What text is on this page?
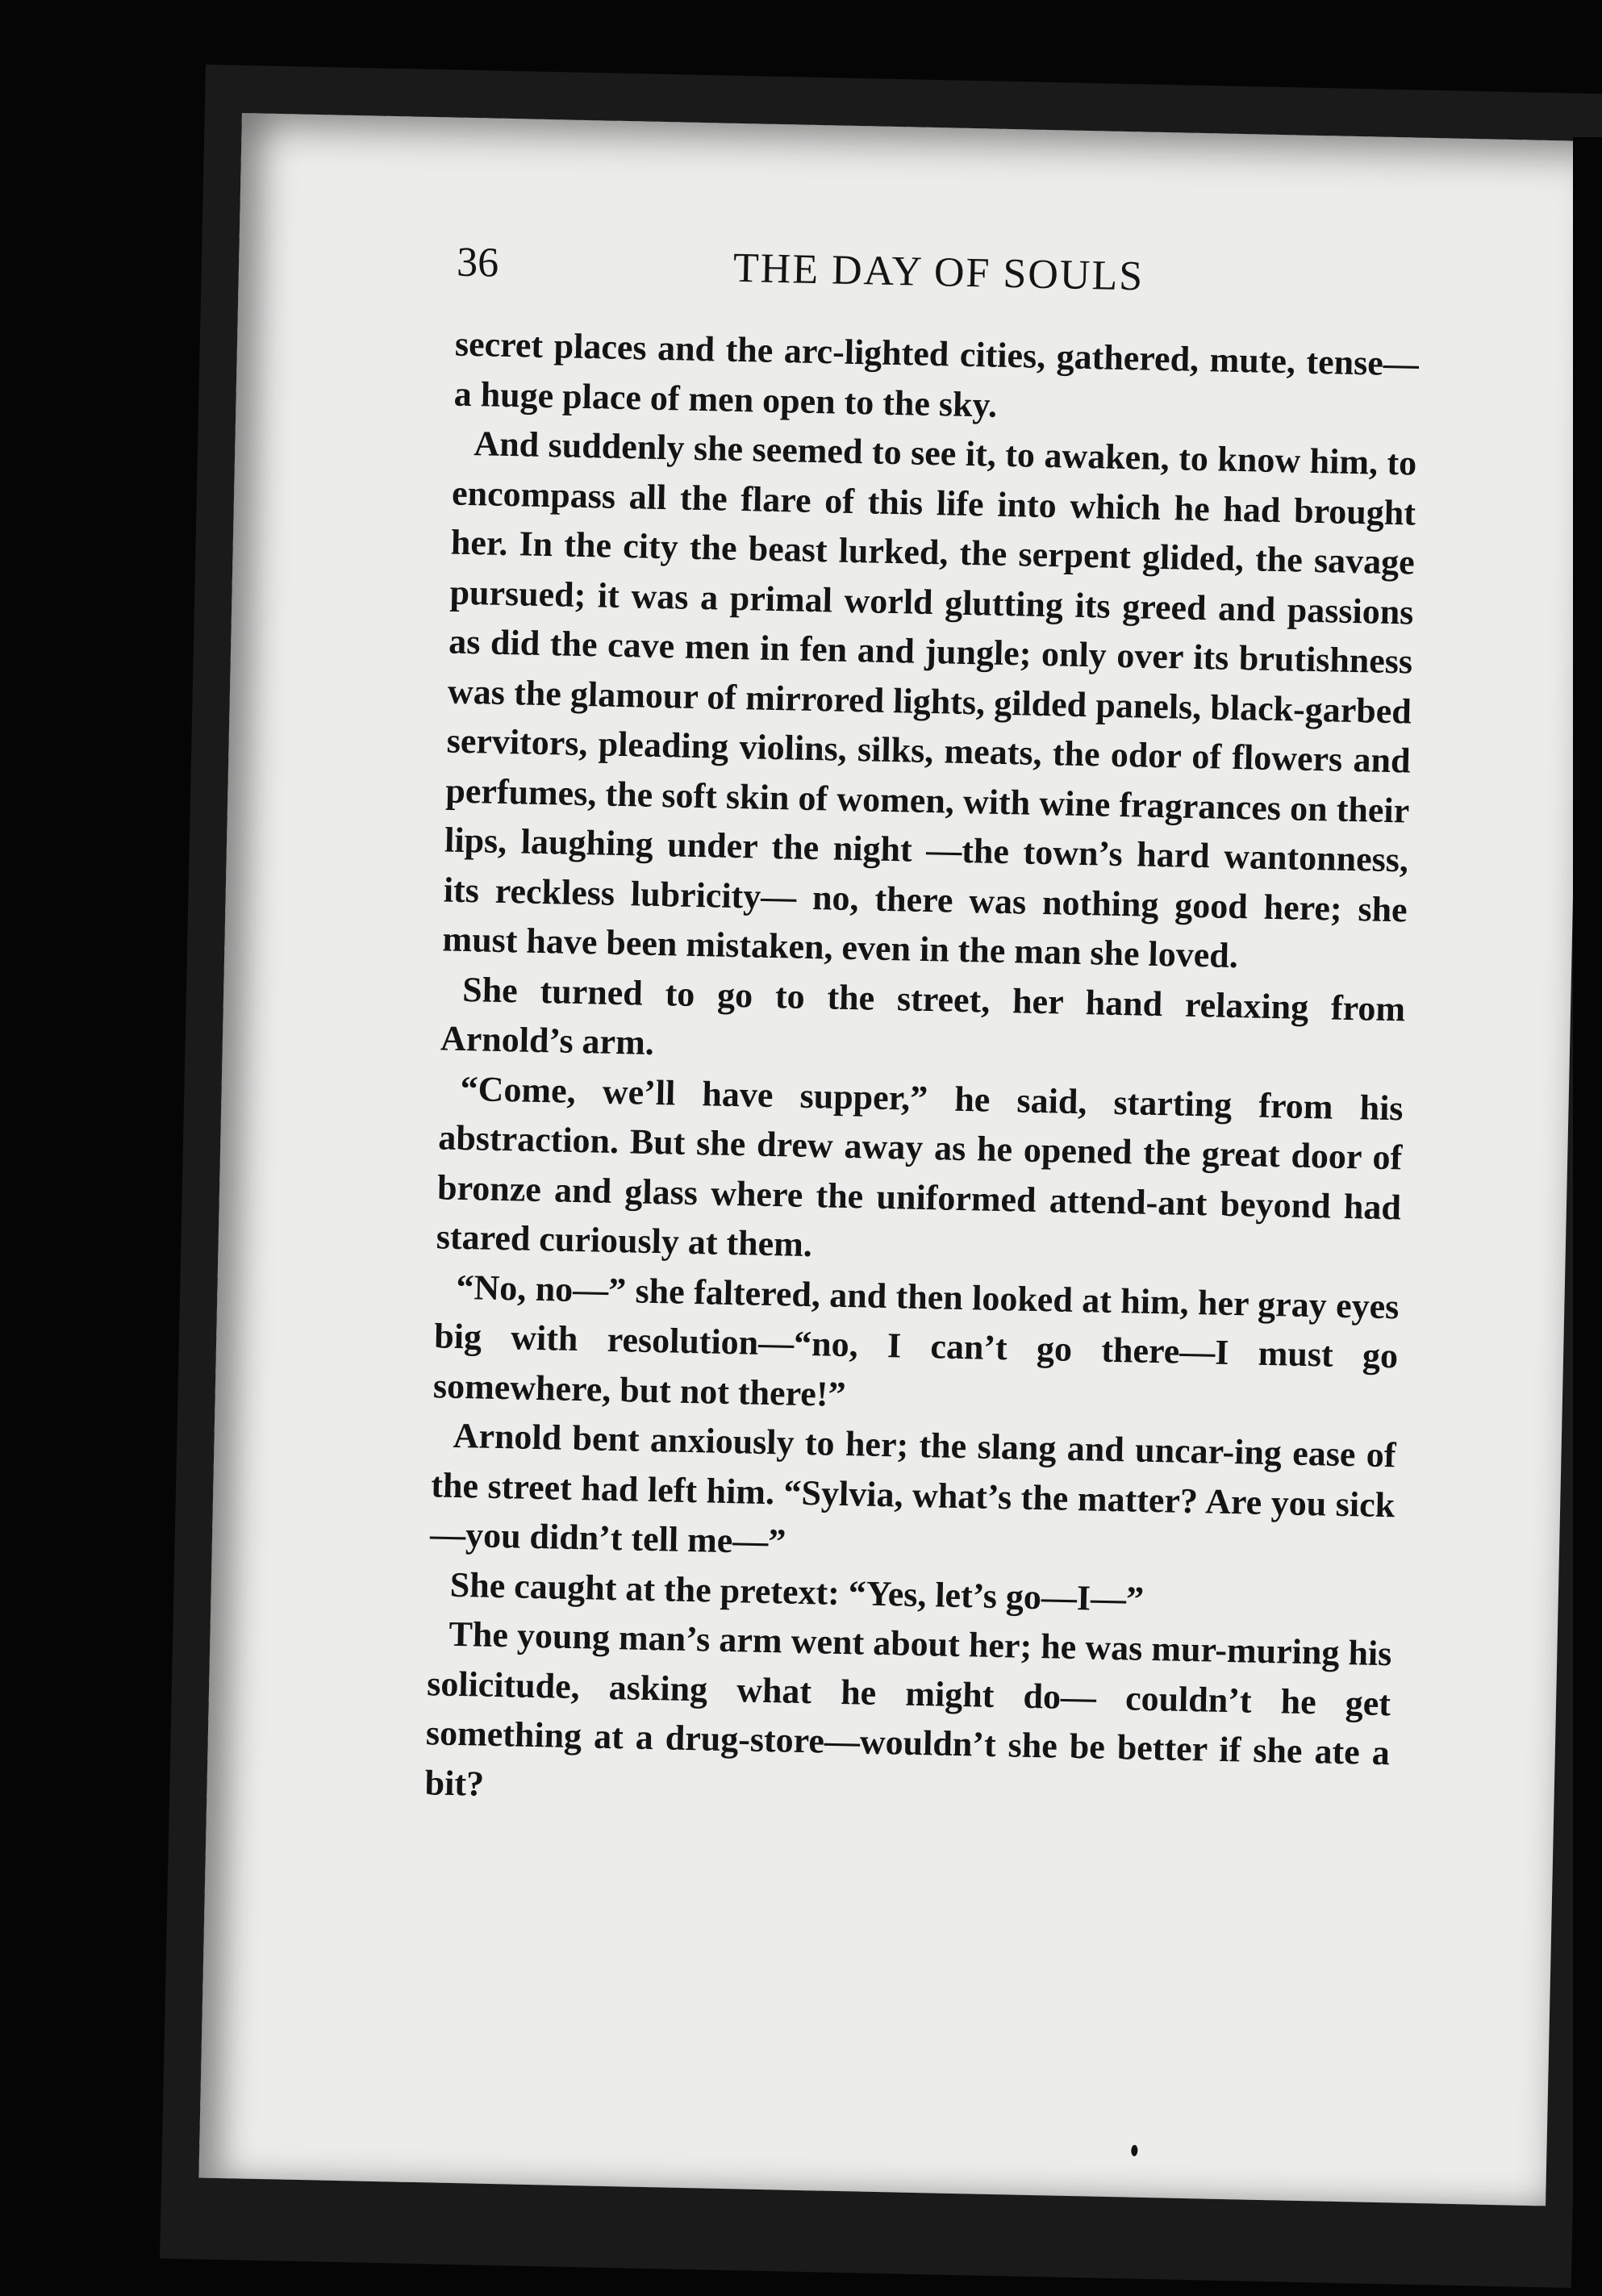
36	THE DAY OF SOULS

secret places and the arc-lighted cities, gathered, mute, tense—a huge place of men open to the sky.

And suddenly she seemed to see it, to awaken, to know him, to encompass all the flare of this life into which he had brought her. In the city the beast lurked, the serpent glided, the savage pursued; it was a primal world glutting its greed and passions as did the cave men in fen and jungle; only over its brutishness was the glamour of mirrored lights, gilded panels, black-garbed servitors, pleading violins, silks, meats, the odor of flowers and perfumes, the soft skin of women, with wine fragrances on their lips, laughing under the night —the town’s hard wantonness, its reckless lubricity— no, there was nothing good here; she must have been mistaken, even in the man she loved.

She turned to go to the street, her hand relaxing from Arnold’s arm.

“Come, we’ll have supper,” he said, starting from his abstraction. But she drew away as he opened the great door of bronze and glass where the uniformed attend-ant beyond had stared curiously at them.

“No, no—” she faltered, and then looked at him, her gray eyes big with resolution—“no, I can’t go there—I must go somewhere, but not there!”

Arnold bent anxiously to her; the slang and uncar-ing ease of the street had left him. “Sylvia, what’s the matter? Are you sick—you didn’t tell me—”

She caught at the pretext: “Yes, let’s go—I—”

The young man’s arm went about her; he was mur-muring his solicitude, asking what he might do— couldn’t he get something at a drug-store—wouldn’t she be better if she ate a bit?
